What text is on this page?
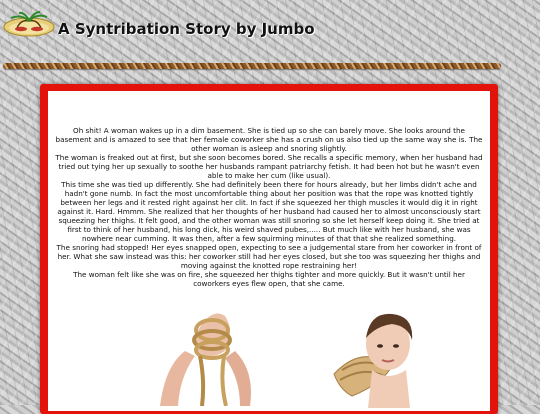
A Syntribation Story by Jumbo

Oh shit! A woman wakes up in a dim basement. She is tied up so she can barely move. She looks around the basement and is amazed to see that her female coworker she has a crush on us also tied up the same way she is. The other woman is asleep and snoring slightly.

The woman is freaked out at first, but she soon becomes bored. She recalls a specific memory, when her husband had tried out tying her up sexually to soothe her husbands rampant patriarchy fetish. It had been hot but he wasn't even able to make her cum (like usual).

This time she was tied up differently. She had definitely been there for hours already, but her limbs didn't ache and hadn't gone numb. In fact the most uncomfortable thing about her position was that the rope was knotted tightly between her legs and it rested right against her clit. In fact if she squeezed her thigh muscles it would dig it in right against it. Hard. Hmmm. She realized that her thoughts of her husband had caused her to almost unconsciously start squeezing her thighs. It felt good, and the other woman was still snoring so she let herself keep doing it. She tried at first to think of her husband, his long dick, his weird shaved pubes,..... But much like with her husband, she was nowhere near cumming. It was then, after a few squirming minutes of that that she realized something.

The snoring had stopped! Her eyes snapped open, expecting to see a judgemental stare from her coworker in front of her. What she saw instead was this: her coworker still had her eyes closed, but she too was squeezing her thighs and moving against the knotted rope restraining her!

The woman felt like she was on fire, she squeezed her thighs tighter and more quickly. But it wasn't until her coworkers eyes flew open, that she came.
